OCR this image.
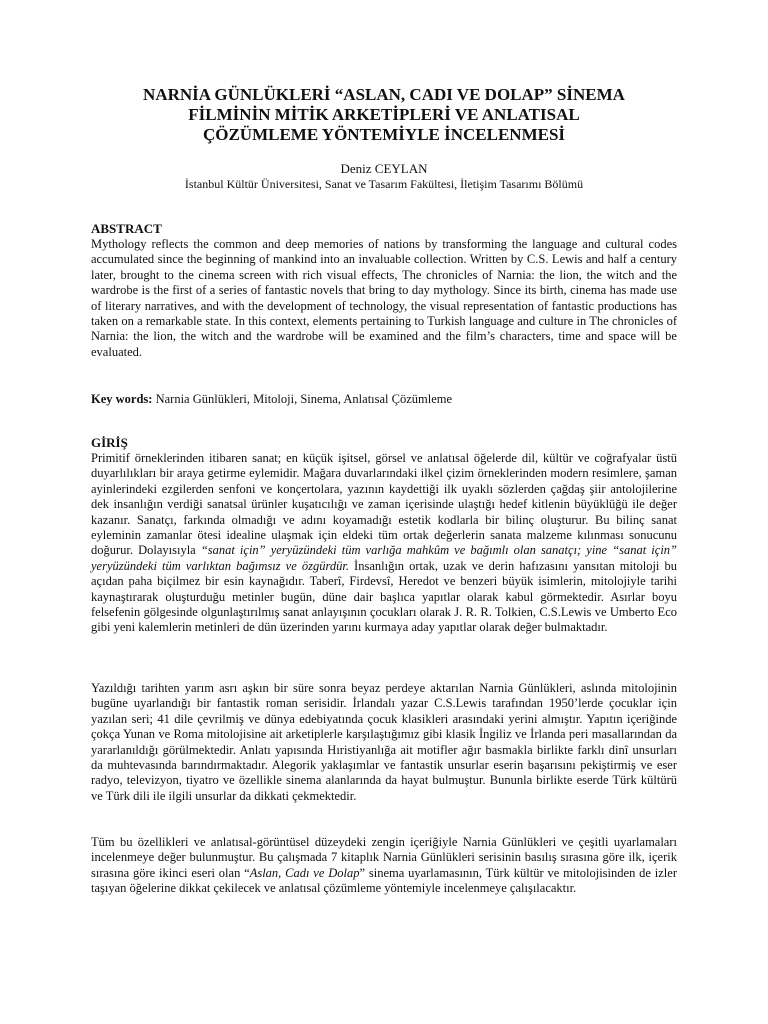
NARNİA GÜNLÜKLERİ “ASLAN, CADI VE DOLAP” SİNEMA
FİLMİNİN MİTİK ARKETİPLERİ VE ANLATISAL
ÇÖZÜMLEME YÖNTEMİYLE İNCELENMESİ
Deniz CEYLAN
İstanbul Kültür Üniversitesi, Sanat ve Tasarım Fakültesi, İletişim Tasarımı Bölümü
ABSTRACT

Mythology reflects the common and deep memories of nations by transforming the language and cultural codes accumulated since the beginning of mankind into an invaluable collection. Written by C.S. Lewis and half a century later, brought to the cinema screen with rich visual effects, The chronicles of Narnia: the lion, the witch and the wardrobe is the first of a series of fantastic novels that bring to day mythology. Since its birth, cinema has made use of literary narratives, and with the development of technology, the visual representation of fantastic productions has taken on a remarkable state. In this context, elements pertaining to Turkish language and culture in The chronicles of Narnia: the lion, the witch and the wardrobe will be examined and the film’s characters, time and space will be evaluated.

Key words: Narnia Günlükleri, Mitoloji, Sinema, Anlatısal Çözümleme
GİRİŞ

Primitif örneklerinden itibaren sanat; en küçük işitsel, görsel ve anlatısal öğelerde dil, kültür ve coğrafyalar üstü duyarlılıkları bir araya getirme eylemidir. Mağara duvarlarındaki ilkel çizim örneklerinden modern resimlere, şaman ayinlerindeki ezgilerden senfoni ve konçertolara, yazının kaydettiği ilk uyaklı sözlerden çağdaş şiir antolojilerine dek insanlığın verdiği sanatsal ürünler kuşatıcılığı ve zaman içerisinde ulaştığı hedef kitlenin büyüklüğü ile değer kazanır. Sanatçı, farkında olmadığı ve adını koyamadığı estetik kodlarla bir bilinç oluşturur. Bu bilinç sanat eyleminin zamanlar ötesi idealine ulaşmak için eldeki tüm ortak değerlerin sanata malzeme kılınması sonucunu doğurur. Dolayısıyla “sanat için” yeryüzündeki tüm varlığa mahkûm ve bağımlı olan sanatçı; yine “sanat için” yeryüzündeki tüm varlıktan bağımsız ve özgürdür. İnsanlığın ortak, uzak ve derin hafızasını yansıtan mitoloji bu açıdan paha biçilmez bir esin kaynağıdır. Taberî, Firdevsî, Heredot ve benzeri büyük isimlerin, mitolojiyle tarihi kaynaştırarak oluşturduğu metinler bugün, düne dair başlıca yapıtlar olarak kabul görmektedir. Asırlar boyu felsefenin gölgesinde olgunlaştırılmış sanat anlayışının çocukları olarak J. R. R. Tolkien, C.S.Lewis ve Umberto Eco gibi yeni kalemlerin metinleri de dün üzerinden yarını kurmaya aday yapıtlar olarak değer bulmaktadır.

Yazıldığı tarihten yarım asrı aşkın bir süre sonra beyaz perdeye aktarılan Narnia Günlükleri, aslında mitolojinin bugüne uyarlandığı bir fantastik roman serisidir. İrlandalı yazar C.S.Lewis tarafından 1950’lerde çocuklar için yazılan seri; 41 dile çevrilmiş ve dünya edebiyatında çocuk klasikleri arasındaki yerini almıştır. Yapıtın içeriğinde çokça Yunan ve Roma mitolojisine ait arketiplerle karşılaştığımız gibi klasik İngiliz ve İrlanda peri masallarından da yararlanıldığı görülmektedir. Anlatı yapısında Hıristiyanlığa ait motifler ağır basmakla birlikte farklı dinî unsurları da muhtevasında barındırmaktadır. Alegorik yaklaşımlar ve fantastik unsurlar eserin başarısını pekiştirmiş ve eser radyo, televizyon, tiyatro ve özellikle sinema alanlarında da hayat bulmuştur. Bununla birlikte eserde Türk kültürü ve Türk dili ile ilgili unsurlar da dikkati çekmektedir.

Tüm bu özellikleri ve anlatısal-görüntüsel düzeydeki zengin içeriğiyle Narnia Günlükleri ve çeşitli uyarlamaları incelenmeye değer bulunmuştur. Bu çalışmada 7 kitaplık Narnia Günlükleri serisinin basılış sırasına göre ilk, içerik sırasına göre ikinci eseri olan “Aslan, Cadı ve Dolap” sinema uyarlamasının, Türk kültür ve mitolojisinden de izler taşıyan öğelerine dikkat çekilecek ve anlatısal çözümleme yöntemiyle incelenmeye çalışılacaktır.
